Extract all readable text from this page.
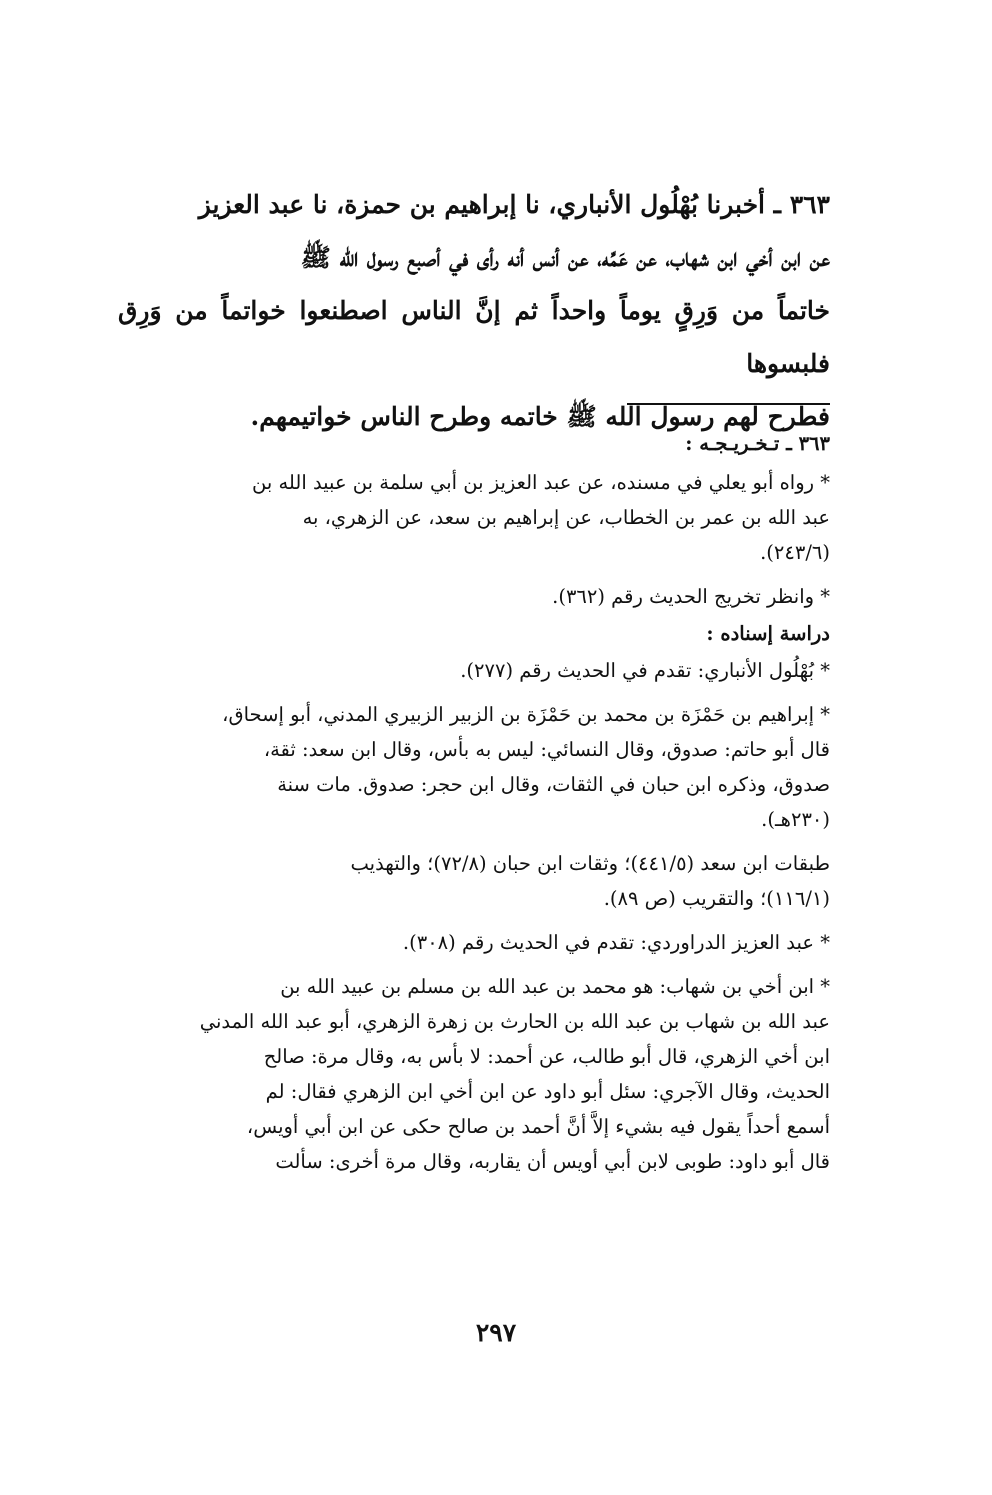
٣٦٣ ـ أخبرنا بُهْلُول الأنباري، نا إبراهيم بن حمزة، نا عبد العزيز
عن ابن أخي ابن شهاب، عن عَمِّه، عن أنس أنه رأى في أصبع رسول الله ﷺ
خاتماً من وَرِقٍ يوماً واحداً ثم إنَّ الناس اصطنعوا خواتماً من وَرِق فلبسوها
فطرح لهم رسول الله ﷺ خاتمه وطرح الناس خواتيمهم.

٣٦٣ ـ تـخـريـجـه :

* رواه أبو يعلي في مسنده، عن عبد العزيز بن أبي سلمة بن عبيد الله بن
عبد الله بن عمر بن الخطاب، عن إبراهيم بن سعد، عن الزهري، به
(٢٤٣/٦).

* وانظر تخريج الحديث رقم (٣٦٢).

دراسة إسناده :

* بُهْلُول الأنباري: تقدم في الحديث رقم (٢٧٧).

* إبراهيم بن حَمْزَة بن محمد بن حَمْزَة بن الزبير الزبيري المدني، أبو إسحاق،
قال أبو حاتم: صدوق، وقال النسائي: ليس به بأس، وقال ابن سعد: ثقة،
صدوق، وذكره ابن حبان في الثقات، وقال ابن حجر: صدوق. مات سنة
(٢٣٠هـ).

طبقات ابن سعد (٤٤١/٥)؛ وثقات ابن حبان (٧٢/٨)؛ والتهذيب
(١١٦/١)؛ والتقريب (ص ٨٩).

* عبد العزيز الدراوردي: تقدم في الحديث رقم (٣٠٨).

* ابن أخي بن شهاب: هو محمد بن عبد الله بن مسلم بن عبيد الله بن
عبد الله بن شهاب بن عبد الله بن الحارث بن زهرة الزهري، أبو عبد الله المدني
ابن أخي الزهري، قال أبو طالب، عن أحمد: لا بأس به، وقال مرة: صالح
الحديث، وقال الآجري: سئل أبو داود عن ابن أخي ابن الزهري فقال: لم
أسمع أحداً يقول فيه بشيء إلاَّ أنَّ أحمد بن صالح حكى عن ابن أبي أويس،
قال أبو داود: طوبى لابن أبي أويس أن يقاربه، وقال مرة أخرى: سألت

٢٩٧
